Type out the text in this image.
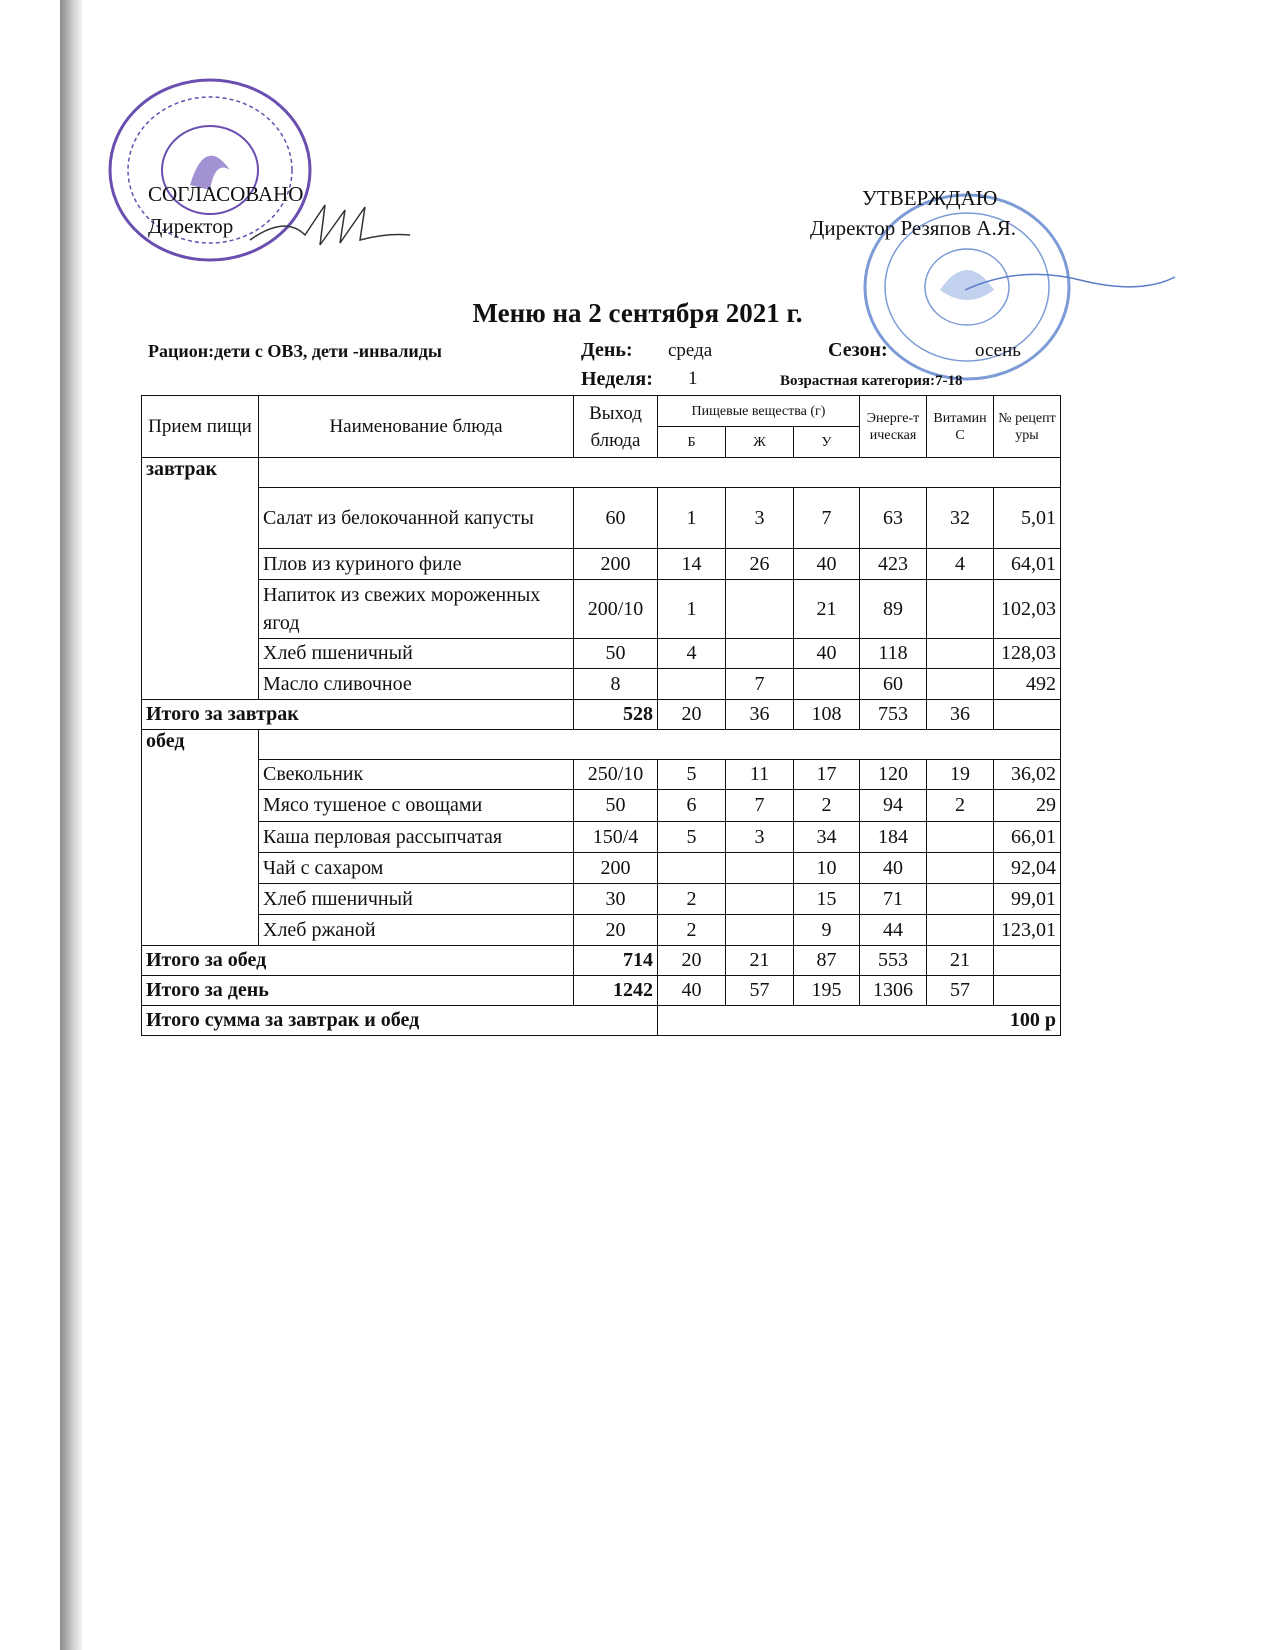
СОГЛАСОВАНО
Директор
УТВЕРЖДАЮ
Директор Резяпов А.Я.
Меню на 2 сентября 2021 г.
Рацион:дети с ОВЗ, дети -инвалиды	День: среда	Сезон:	осень
Неделя: 1	Возрастная категория:7-18
Прием пищи	Наименование блюда	Выход блюда	Пищевые вещества (г)			Энерге-тическая	Витамин С	№ рецептуры
			Б	Ж	У			
завтрак								
	Салат из белокочанной капусты	60	1	3	7	63	32	5,01
	Плов из куриного филе	200	14	26	40	423	4	64,01
	Напиток из свежих мороженных ягод	200/10	1		21	89		102,03
	Хлеб пшеничный	50	4		40	118		128,03
	Масло сливочное	8		7		60		492
Итого за завтрак		528	20	36	108	753	36	
обед								
	Свекольник	250/10	5	11	17	120	19	36,02
	Мясо тушеное с овощами	50	6	7	2	94	2	29
	Каша перловая рассыпчатая	150/4	5	3	34	184		66,01
	Чай с сахаром	200			10	40		92,04
	Хлеб пшеничный	30	2		15	71		99,01
	Хлеб ржаной	20	2		9	44		123,01
Итого за обед		714	20	21	87	553	21	
Итого за день		1242	40	57	195	1306	57	
Итого сумма за завтрак и обед			100 р					
